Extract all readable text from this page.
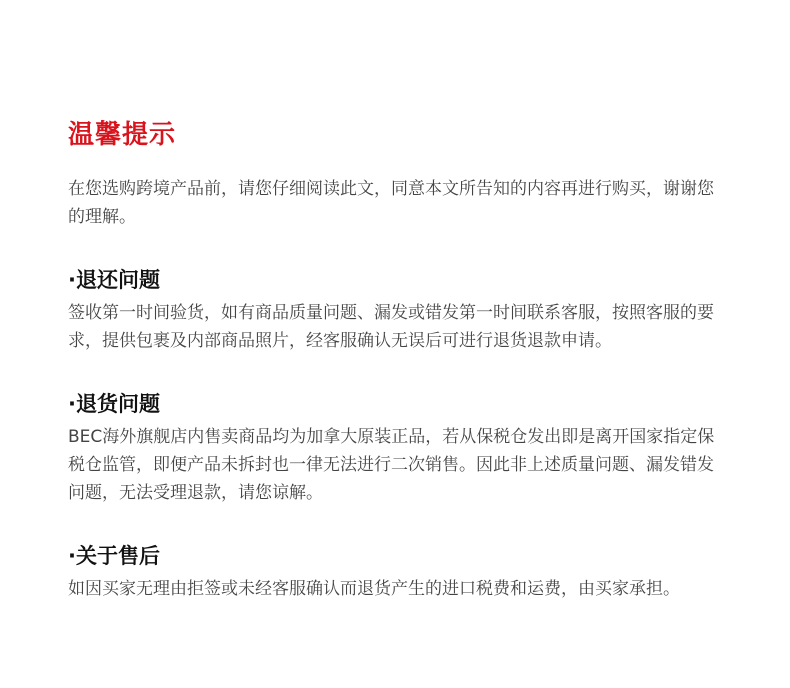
温馨提示

在您选购跨境产品前，请您仔细阅读此文，同意本文所告知的内容再进行购买，谢谢您的理解。

·退还问题

签收第一时间验货，如有商品质量问题、漏发或错发第一时间联系客服，按照客服的要求，提供包裹及内部商品照片，经客服确认无误后可进行退货退款申请。

·退货问题

BEC海外旗舰店内售卖商品均为加拿大原装正品，若从保税仓发出即是离开国家指定保税仓监管，即便产品未拆封也一律无法进行二次销售。因此非上述质量问题、漏发错发问题，无法受理退款，请您谅解。

·关于售后

如因买家无理由拒签或未经客服确认而退货产生的进口税费和运费，由买家承担。
